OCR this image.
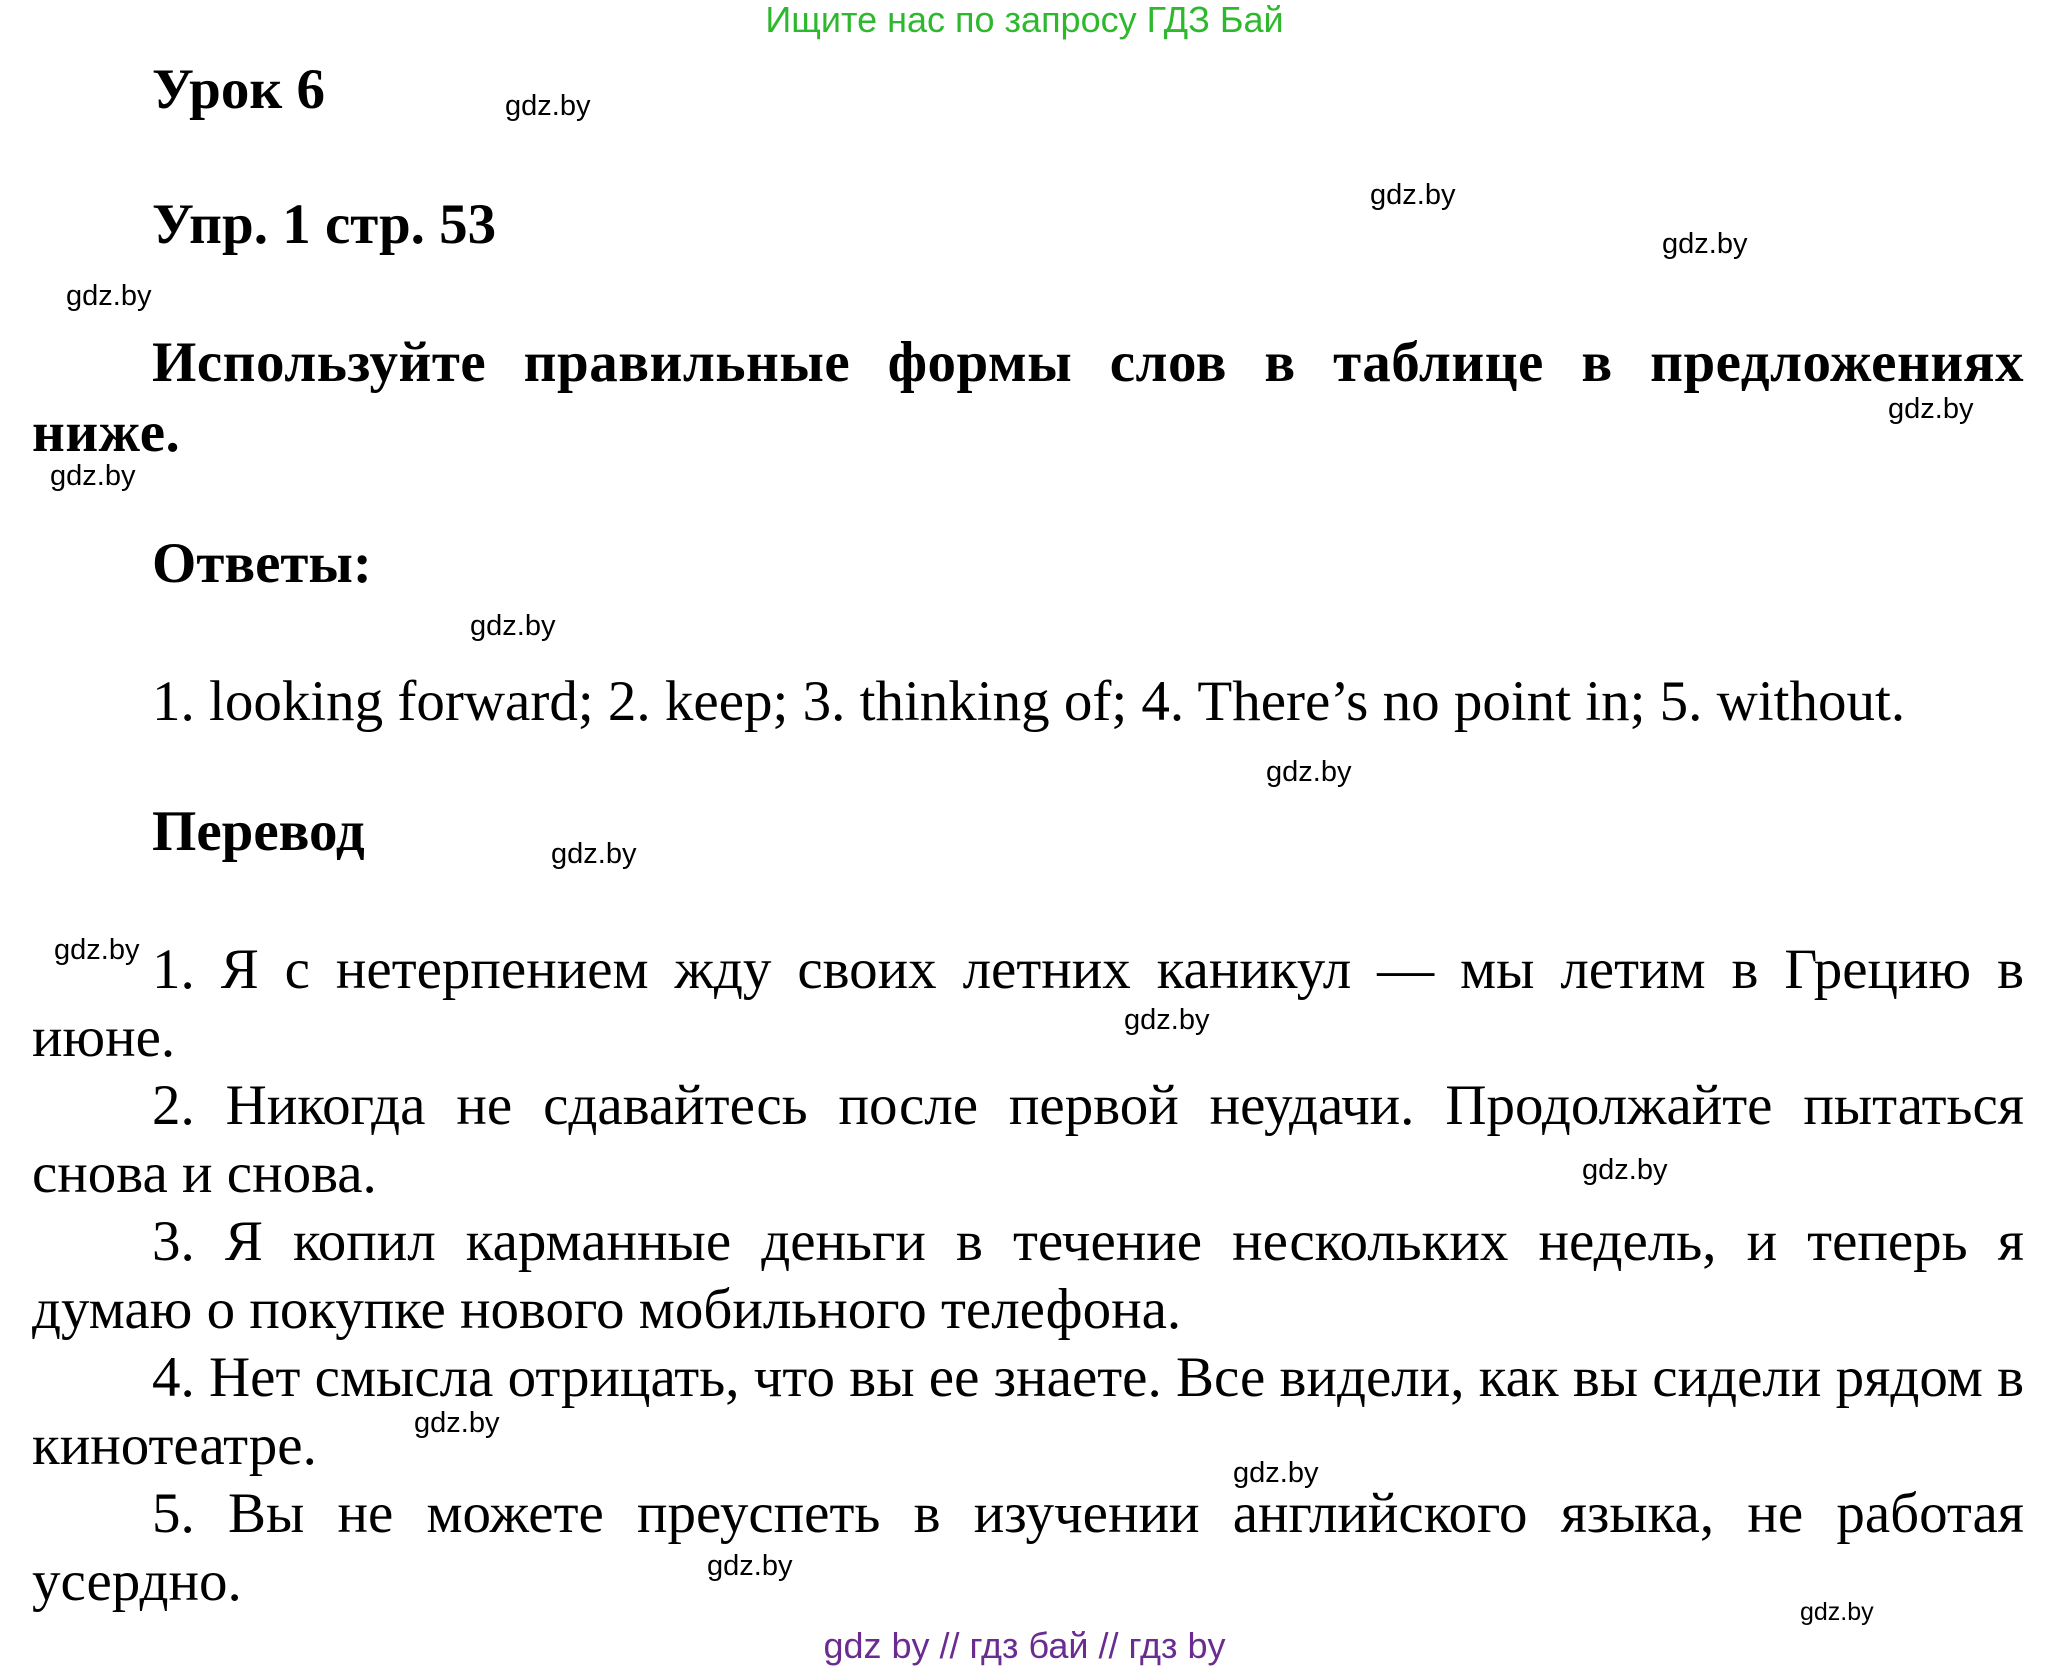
Ищите нас по запросу ГДЗ Бай
Урок 6
Упр. 1 стр. 53
Используйте правильные формы слов в таблице в предложениях ниже.
Ответы:
1. looking forward; 2. keep; 3. thinking of; 4. There’s no point in; 5. without.
Перевод
1. Я с нетерпением жду своих летних каникул — мы летим в Грецию в июне.
2. Никогда не сдавайтесь после первой неудачи. Продолжайте пытаться снова и снова.
3. Я копил карманные деньги в течение нескольких недель, и теперь я думаю о покупке нового мобильного телефона.
4. Нет смысла отрицать, что вы ее знаете. Все видели, как вы сидели рядом в кинотеатре.
5. Вы не можете преуспеть в изучении английского языка, не работая усердно.
gdz.by
gdz.by
gdz.by
gdz.by
gdz.by
gdz.by
gdz.by
gdz.by
gdz.by
gdz.by
gdz.by
gdz.by
gdz.by
gdz.by
gdz.by
gdz.by
gdz by // гдз бай // гдз by
